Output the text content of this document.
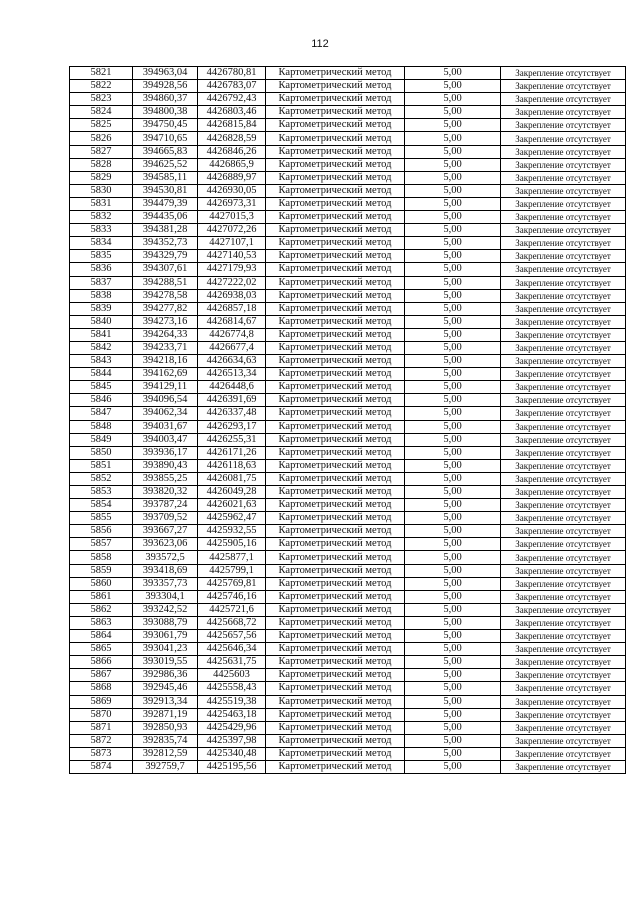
112
5821	394963,04	4426780,81	Картометрический метод	5,00	Закрепление отсутствует
5822	394928,56	4426783,07	Картометрический метод	5,00	Закрепление отсутствует
5823	394860,37	4426792,43	Картометрический метод	5,00	Закрепление отсутствует
5824	394800,38	4426803,46	Картометрический метод	5,00	Закрепление отсутствует
5825	394750,45	4426815,84	Картометрический метод	5,00	Закрепление отсутствует
5826	394710,65	4426828,59	Картометрический метод	5,00	Закрепление отсутствует
5827	394665,83	4426846,26	Картометрический метод	5,00	Закрепление отсутствует
5828	394625,52	4426865,9	Картометрический метод	5,00	Закрепление отсутствует
5829	394585,11	4426889,97	Картометрический метод	5,00	Закрепление отсутствует
5830	394530,81	4426930,05	Картометрический метод	5,00	Закрепление отсутствует
5831	394479,39	4426973,31	Картометрический метод	5,00	Закрепление отсутствует
5832	394435,06	4427015,3	Картометрический метод	5,00	Закрепление отсутствует
5833	394381,28	4427072,26	Картометрический метод	5,00	Закрепление отсутствует
5834	394352,73	4427107,1	Картометрический метод	5,00	Закрепление отсутствует
5835	394329,79	4427140,53	Картометрический метод	5,00	Закрепление отсутствует
5836	394307,61	4427179,93	Картометрический метод	5,00	Закрепление отсутствует
5837	394288,51	4427222,02	Картометрический метод	5,00	Закрепление отсутствует
5838	394278,58	4426938,03	Картометрический метод	5,00	Закрепление отсутствует
5839	394277,82	4426857,18	Картометрический метод	5,00	Закрепление отсутствует
5840	394273,16	4426814,67	Картометрический метод	5,00	Закрепление отсутствует
5841	394264,33	4426774,8	Картометрический метод	5,00	Закрепление отсутствует
5842	394233,71	4426677,4	Картометрический метод	5,00	Закрепление отсутствует
5843	394218,16	4426634,63	Картометрический метод	5,00	Закрепление отсутствует
5844	394162,69	4426513,34	Картометрический метод	5,00	Закрепление отсутствует
5845	394129,11	4426448,6	Картометрический метод	5,00	Закрепление отсутствует
5846	394096,54	4426391,69	Картометрический метод	5,00	Закрепление отсутствует
5847	394062,34	4426337,48	Картометрический метод	5,00	Закрепление отсутствует
5848	394031,67	4426293,17	Картометрический метод	5,00	Закрепление отсутствует
5849	394003,47	4426255,31	Картометрический метод	5,00	Закрепление отсутствует
5850	393936,17	4426171,26	Картометрический метод	5,00	Закрепление отсутствует
5851	393890,43	4426118,63	Картометрический метод	5,00	Закрепление отсутствует
5852	393855,25	4426081,75	Картометрический метод	5,00	Закрепление отсутствует
5853	393820,32	4426049,28	Картометрический метод	5,00	Закрепление отсутствует
5854	393787,24	4426021,63	Картометрический метод	5,00	Закрепление отсутствует
5855	393709,52	4425962,47	Картометрический метод	5,00	Закрепление отсутствует
5856	393667,27	4425932,55	Картометрический метод	5,00	Закрепление отсутствует
5857	393623,06	4425905,16	Картометрический метод	5,00	Закрепление отсутствует
5858	393572,5	4425877,1	Картометрический метод	5,00	Закрепление отсутствует
5859	393418,69	4425799,1	Картометрический метод	5,00	Закрепление отсутствует
5860	393357,73	4425769,81	Картометрический метод	5,00	Закрепление отсутствует
5861	393304,1	4425746,16	Картометрический метод	5,00	Закрепление отсутствует
5862	393242,52	4425721,6	Картометрический метод	5,00	Закрепление отсутствует
5863	393088,79	4425668,72	Картометрический метод	5,00	Закрепление отсутствует
5864	393061,79	4425657,56	Картометрический метод	5,00	Закрепление отсутствует
5865	393041,23	4425646,34	Картометрический метод	5,00	Закрепление отсутствует
5866	393019,55	4425631,75	Картометрический метод	5,00	Закрепление отсутствует
5867	392986,36	4425603	Картометрический метод	5,00	Закрепление отсутствует
5868	392945,46	4425558,43	Картометрический метод	5,00	Закрепление отсутствует
5869	392913,34	4425519,38	Картометрический метод	5,00	Закрепление отсутствует
5870	392871,19	4425463,18	Картометрический метод	5,00	Закрепление отсутствует
5871	392850,93	4425429,96	Картометрический метод	5,00	Закрепление отсутствует
5872	392835,74	4425397,98	Картометрический метод	5,00	Закрепление отсутствует
5873	392812,59	4425340,48	Картометрический метод	5,00	Закрепление отсутствует
5874	392759,7	4425195,56	Картометрический метод	5,00	Закрепление отсутствует
